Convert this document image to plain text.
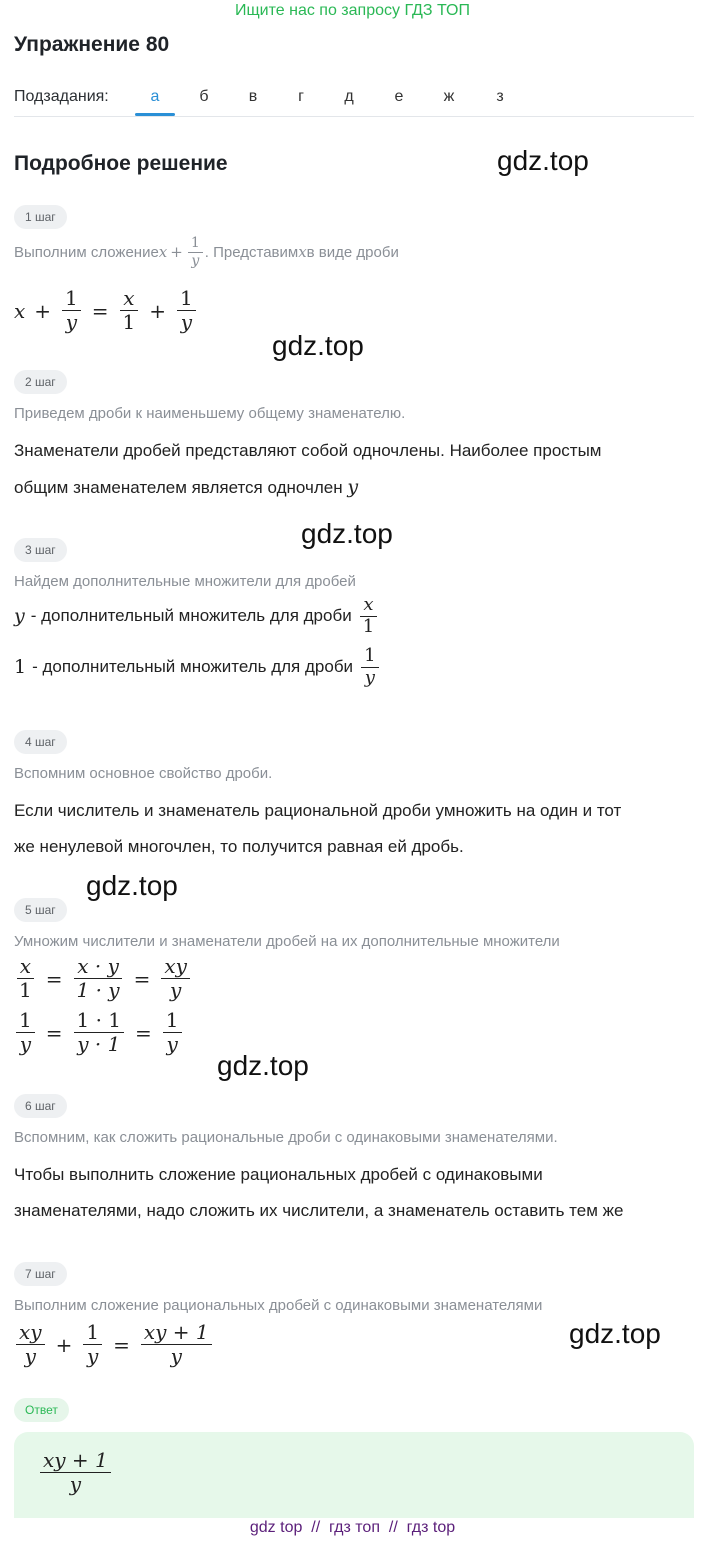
Ищите нас по запросу ГДЗ ТОП
Упражнение 80
Подзадания:	а	б	в	г	д	е	ж	з
Подробное решение	gdz.top
gdz.top
gdz.top
gdz.top
gdz.top
gdz.top
1 шаг
Выполним сложение $x + \frac{1}{y}$ . Представим x в виде дроби
$x + \frac{1}{y} = \frac{x}{1} + \frac{1}{y}$
2 шаг
Приведем дроби к наименьшему общему знаменателю.
Знаменатели дробей представляют собой одночлены. Наиболее простым
общим знаменателем является одночлен y
3 шаг
Найдем дополнительные множители для дробей
y - дополнительный множитель для дроби $\frac{x}{1}$
1 - дополнительный множитель для дроби $\frac{1}{y}$
4 шаг
Вспомним основное свойство дроби.
Если числитель и знаменатель рациональной дроби умножить на один и тот
же ненулевой многочлен, то получится равная ей дробь.
5 шаг
Умножим числители и знаменатели дробей на их дополнительные множители
$\frac{x}{1} = \frac{x \cdot y}{1 \cdot y} = \frac{xy}{y}$
$\frac{1}{y} = \frac{1 \cdot 1}{y \cdot 1} = \frac{1}{y}$
6 шаг
Вспомним, как сложить рациональные дроби с одинаковыми знаменателями.
Чтобы выполнить сложение рациональных дробей с одинаковыми
знаменателями, надо сложить их числители, а знаменатель оставить тем же
7 шаг
Выполним сложение рациональных дробей с одинаковыми знаменателями
$\frac{xy}{y} + \frac{1}{y} = \frac{xy + 1}{y}$
Ответ
$\frac{xy + 1}{y}$
gdz top  //  гдз топ  //  гдз top
